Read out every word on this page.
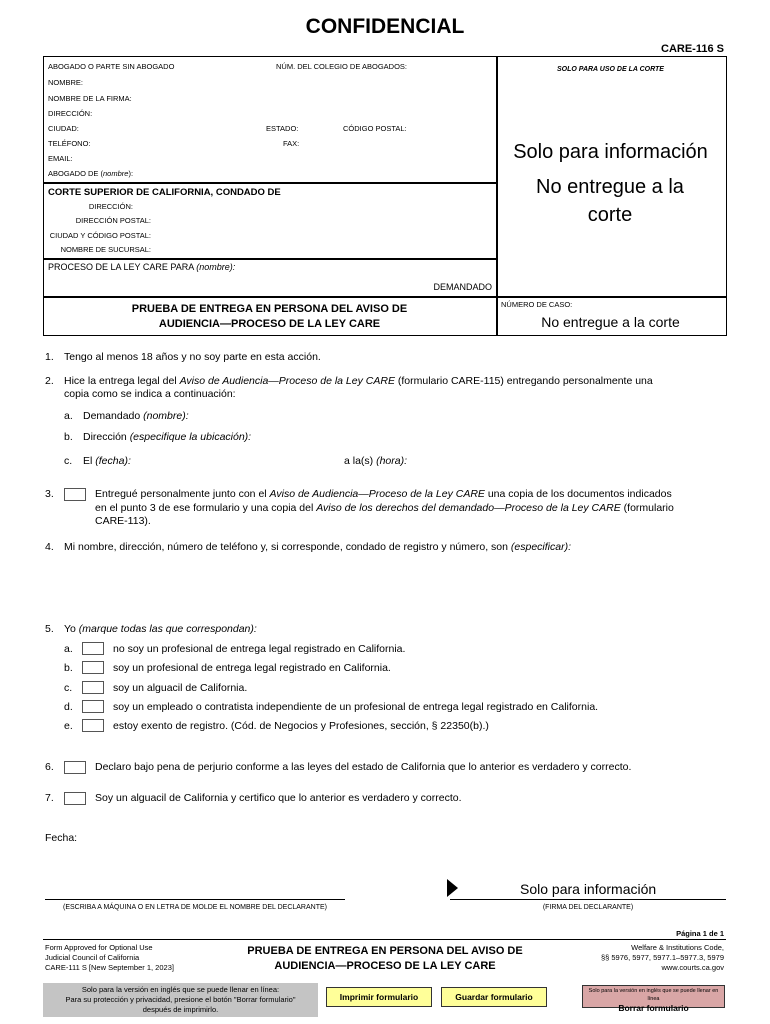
CONFIDENCIAL
CARE-116 S
ABOGADO O PARTE SIN ABOGADO	NÚM. DEL COLEGIO DE ABOGADOS:
NOMBRE:
NOMBRE DE LA FIRMA:
DIRECCIÓN:
CIUDAD:	ESTADO:	CÓDIGO POSTAL:
TELÉFONO:	FAX:
EMAIL:
ABOGADO DE (nombre):
CORTE SUPERIOR DE CALIFORNIA, CONDADO DE
DIRECCIÓN:
DIRECCIÓN POSTAL:
CIUDAD Y CÓDIGO POSTAL:
NOMBRE DE SUCURSAL:
PROCESO DE LA LEY CARE PARA (nombre):
DEMANDADO
PRUEBA DE ENTREGA EN PERSONA DEL AVISO DE
AUDIENCIA—PROCESO DE LA LEY CARE
NÚMERO DE CASO:
No entregue a la corte
SOLO PARA USO DE LA CORTE
Solo para información
No entregue a la corte
1. Tengo al menos 18 años y no soy parte en esta acción.
2. Hice la entrega legal del Aviso de Audiencia—Proceso de la Ley CARE (formulario CARE-115) entregando personalmente una
copia como se indica a continuación:
a. Demandado (nombre):
b. Dirección (especifique la ubicación):
c. El (fecha):	a la(s) (hora):
3.	Entregué personalmente junto con el Aviso de Audiencia—Proceso de la Ley CARE una copia de los documentos indicados
en el punto 3 de ese formulario y una copia del Aviso de los derechos del demandado—Proceso de la Ley CARE (formulario
CARE-113).
4. Mi nombre, dirección, número de teléfono y, si corresponde, condado de registro y número, son (especificar):
5. Yo (marque todas las que correspondan):
a.	no soy un profesional de entrega legal registrado en California.
b.	soy un profesional de entrega legal registrado en California.
c.	soy un alguacil de California.
d.	soy un empleado o contratista independiente de un profesional de entrega legal registrado en California.
e.	estoy exento de registro. (Cód. de Negocios y Profesiones, sección, § 22350(b).)
6.	Declaro bajo pena de perjurio conforme a las leyes del estado de California que lo anterior es verdadero y correcto.
7.	Soy un alguacil de California y certifico que lo anterior es verdadero y correcto.
Fecha:
Solo para información
(ESCRIBA A MÁQUINA O EN LETRA DE MOLDE EL NOMBRE DEL DECLARANTE)	(FIRMA DEL DECLARANTE)
Página 1 de 1
Form Approved for Optional Use
Judicial Council of California
CARE-111 S [New September 1, 2023]
PRUEBA DE ENTREGA EN PERSONA DEL AVISO DE
AUDIENCIA—PROCESO DE LA LEY CARE
Welfare & Institutions Code,
§§ 5976, 5977, 5977.1–5977.3, 5979
www.courts.ca.gov
Solo para la versión en inglés que se puede llenar en línea:
Para su protección y privacidad, presione el botón "Borrar formulario"
después de imprimirlo.
Imprimir formulario	Guardar formulario
Solo para la versión en inglés que se puede llenar en línea
Borrar formulario
